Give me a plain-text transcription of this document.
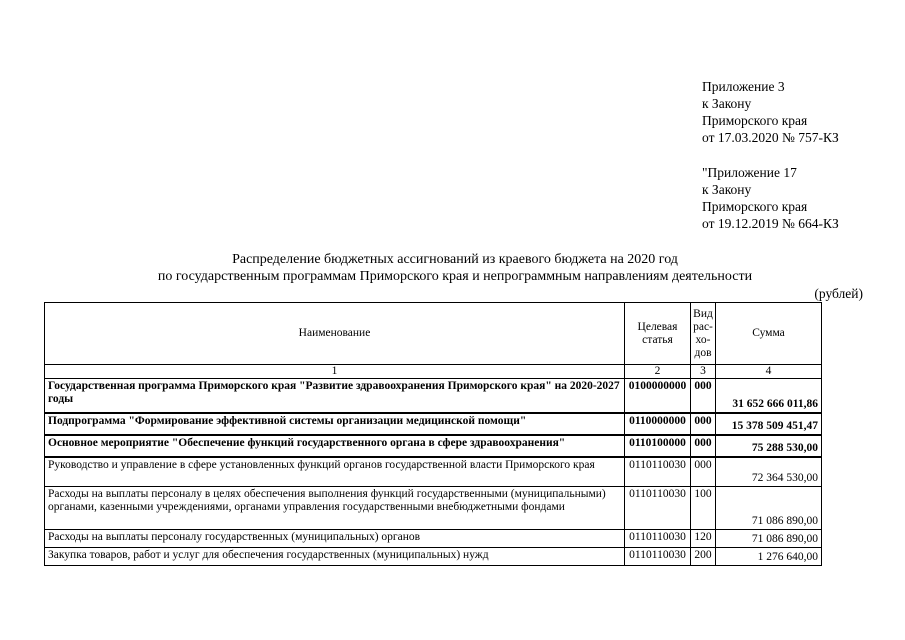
Приложение 3
к Закону
Приморского края
от 17.03.2020 № 757-КЗ
"Приложение 17
к Закону
Приморского края
от 19.12.2019 № 664-КЗ
Распределение бюджетных ассигнований из краевого бюджета на 2020 год
по государственным программам Приморского края и непрограммным направлениям деятельности
(рублей)
Наименование	Целевая статья	Вид рас- хо- дов	Сумма
1	2	3	4
Государственная программа Приморского края "Развитие здравоохранения Приморского края" на 2020-2027 годы	0100000000	000	31 652 666 011,86
Подпрограмма "Формирование эффективной системы организации медицинской помощи"	0110000000	000	15 378 509 451,47
Основное мероприятие "Обеспечение функций государственного органа в сфере здравоохранения"	0110100000	000	75 288 530,00
Руководство и управление в сфере установленных функций органов государственной власти Приморского края	0110110030	000	72 364 530,00
Расходы на выплаты персоналу в целях обеспечения выполнения функций государственными (муниципальными) органами, казенными учреждениями, органами управления государственными внебюджетными фондами	0110110030	100	71 086 890,00
Расходы на выплаты персоналу государственных (муниципальных) органов	0110110030	120	71 086 890,00
Закупка товаров, работ и услуг для обеспечения государственных (муниципальных) нужд	0110110030	200	1 276 640,00
